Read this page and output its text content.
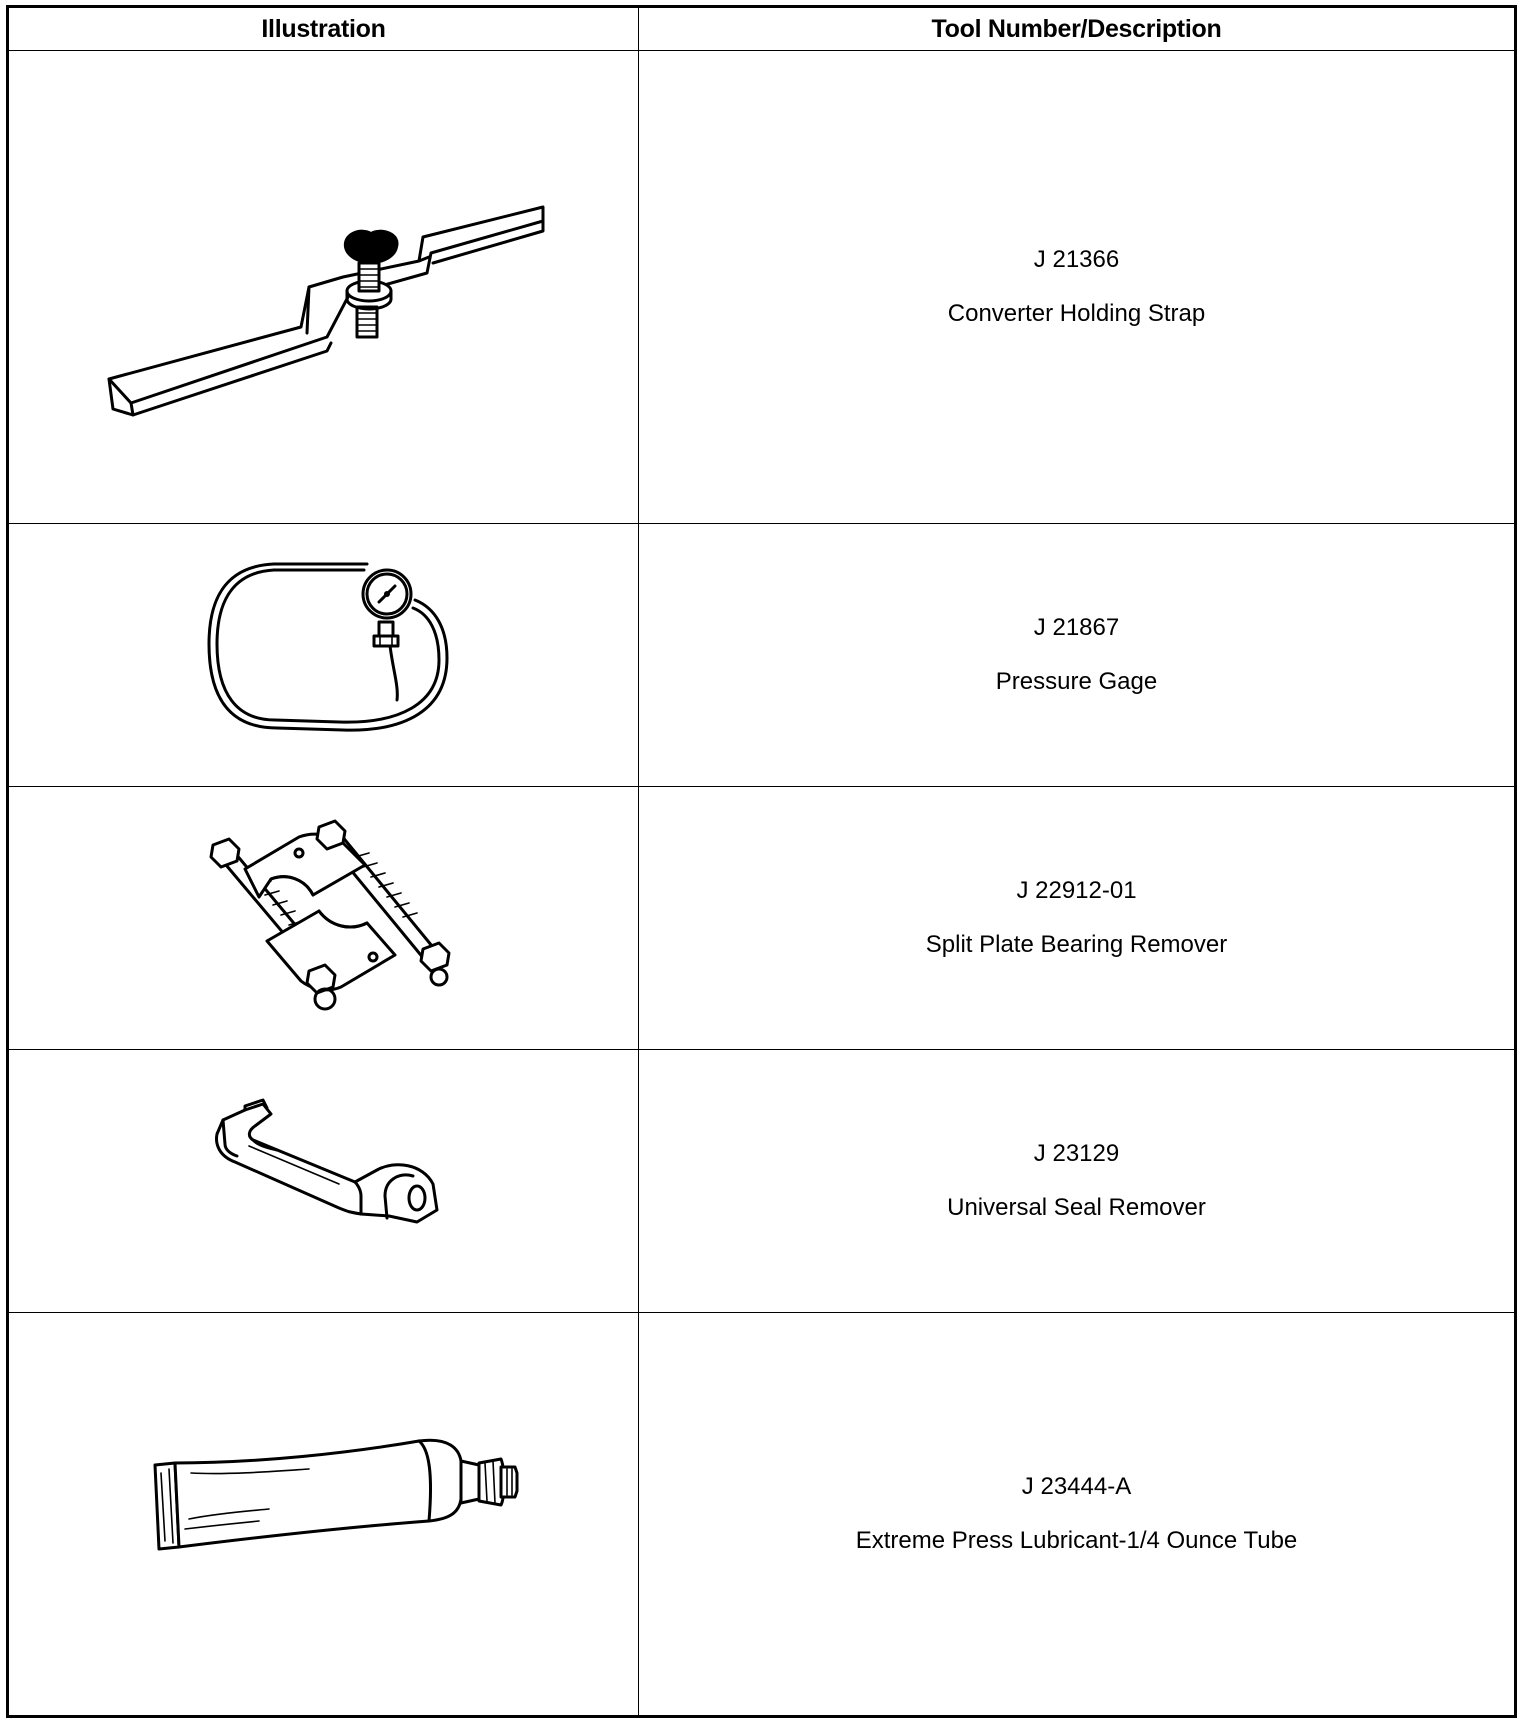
Illustration	Tool Number/Description

J 21366
Converter Holding Strap

J 21867
Pressure Gage

J 22912-01
Split Plate Bearing Remover

J 23129
Universal Seal Remover

J 23444-A
Extreme Press Lubricant-1/4 Ounce Tube
